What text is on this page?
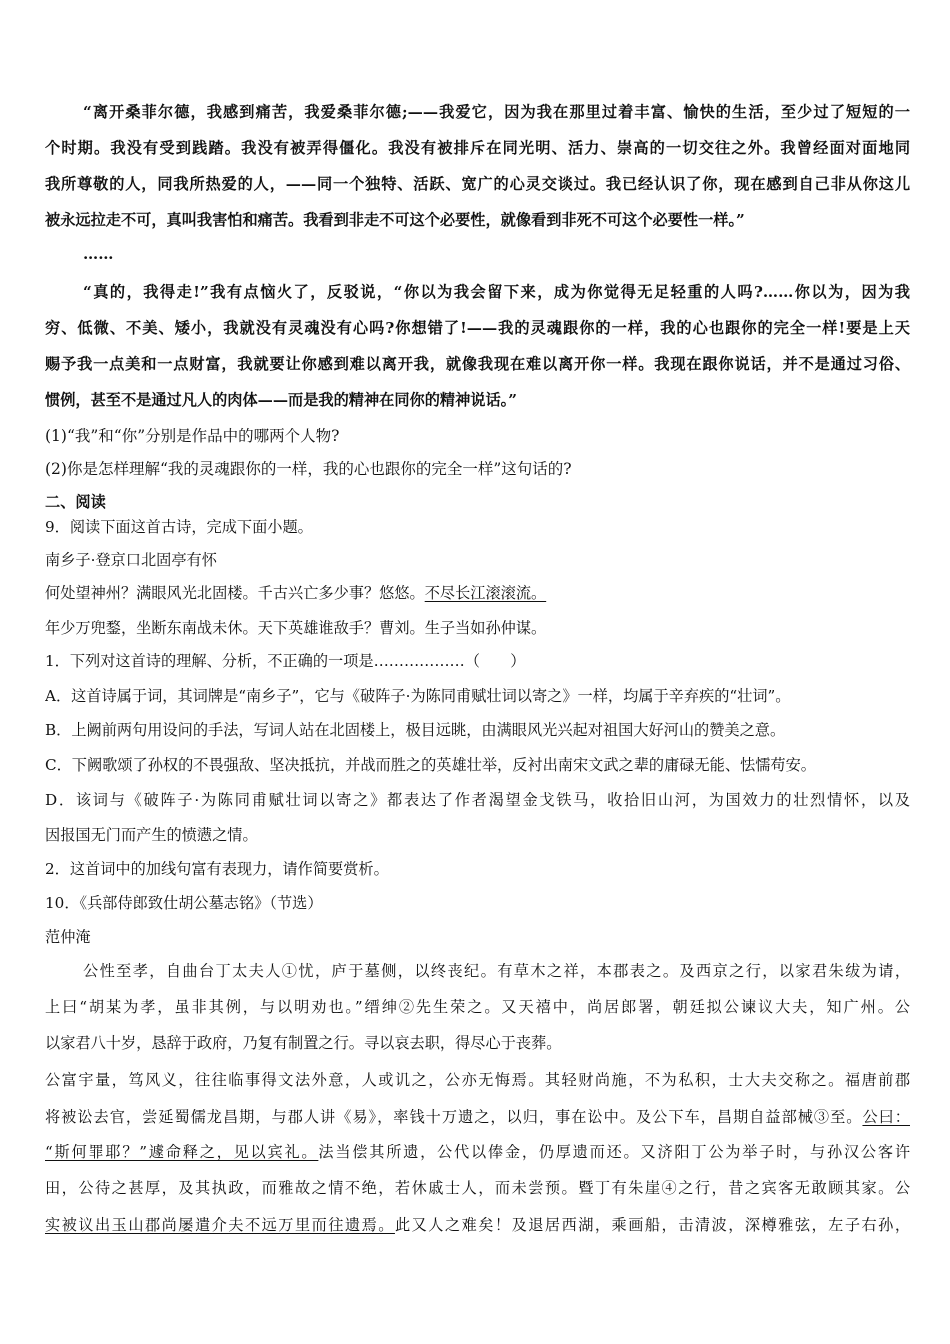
“离开桑菲尔德，我感到痛苦，我爱桑菲尔德;——我爱它，因为我在那里过着丰富、愉快的生活，至少过了短短的一
个时期。我没有受到践踏。我没有被弄得僵化。我没有被排斥在同光明、活力、崇高的一切交往之外。我曾经面对面地同
我所尊敬的人，同我所热爱的人，——同一个独特、活跃、宽广的心灵交谈过。我已经认识了你，现在感到自己非从你这儿
被永远拉走不可，真叫我害怕和痛苦。我看到非走不可这个必要性，就像看到非死不可这个必要性一样。”
……
“真的，我得走!”我有点恼火了，反驳说，“你以为我会留下来，成为你觉得无足轻重的人吗?……你以为，因为我
穷、低微、不美、矮小，我就没有灵魂没有心吗?你想错了!——我的灵魂跟你的一样，我的心也跟你的完全一样!要是上天
赐予我一点美和一点财富，我就要让你感到难以离开我，就像我现在难以离开你一样。我现在跟你说话，并不是通过习俗、
惯例，甚至不是通过凡人的肉体——而是我的精神在同你的精神说话。”
(1)“我”和“你”分别是作品中的哪两个人物?
(2)你是怎样理解“我的灵魂跟你的一样，我的心也跟你的完全一样”这句话的?
二、阅读
9．阅读下面这首古诗，完成下面小题。
南乡子·登京口北固亭有怀
何处望神州？满眼风光北固楼。千古兴亡多少事？悠悠。不尽长江滚滚流。
年少万兜鍪，坐断东南战未休。天下英雄谁敌手？曹刘。生子当如孙仲谋。
1．下列对这首诗的理解、分析，不正确的一项是………………（　　）
A．这首诗属于词，其词牌是“南乡子”，它与《破阵子·为陈同甫赋壮词以寄之》一样，均属于辛弃疾的“壮词”。
B．上阙前两句用设问的手法，写词人站在北固楼上，极目远眺，由满眼风光兴起对祖国大好河山的赞美之意。
C．下阙歌颂了孙权的不畏强敌、坚决抵抗，并战而胜之的英雄壮举，反衬出南宋文武之辈的庸碌无能、怯懦苟安。
D．该词与《破阵子·为陈同甫赋壮词以寄之》都表达了作者渴望金戈铁马，收拾旧山河，为国效力的壮烈情怀，以及
因报国无门而产生的愤懑之情。
2．这首词中的加线句富有表现力，请作简要赏析。
10．《兵部侍郎致仕胡公墓志铭》（节选）
范仲淹
公性至孝，自曲台丁太夫人①忧，庐于墓侧，以终丧纪。有草木之祥，本郡表之。及西京之行，以家君朱绂为请，
上曰“胡某为孝，虽非其例，与以明劝也。”缙绅②先生荣之。又天禧中，尚居郎署，朝廷拟公谏议大夫，知广州。公
以家君八十岁，恳辞于政府，乃复有制置之行。寻以哀去职，得尽心于丧葬。
公富宇量，笃风义，往往临事得文法外意，人或讥之，公亦无悔焉。其轻财尚施，不为私积，士大夫交称之。福唐前郡
将被讼去官，尝延蜀儒龙昌期，与郡人讲《易》，率钱十万遗之，以归，事在讼中。及公下车，昌期自益部械③至。公曰：
“斯何罪耶？”遽命释之，见以宾礼。法当偿其所遗，公代以俸金，仍厚遗而还。又济阳丁公为举子时，与孙汉公客许
田，公待之甚厚，及其执政，而雅故之情不绝，若休戚士人，而未尝预。暨丁有朱崖④之行，昔之宾客无敢顾其家。公
实被议出玉山郡尚屡遣介夫不远万里而往遗焉。此又人之难矣！及退居西湖，乘画船，击清波，深樽雅弦，左子右孙，
